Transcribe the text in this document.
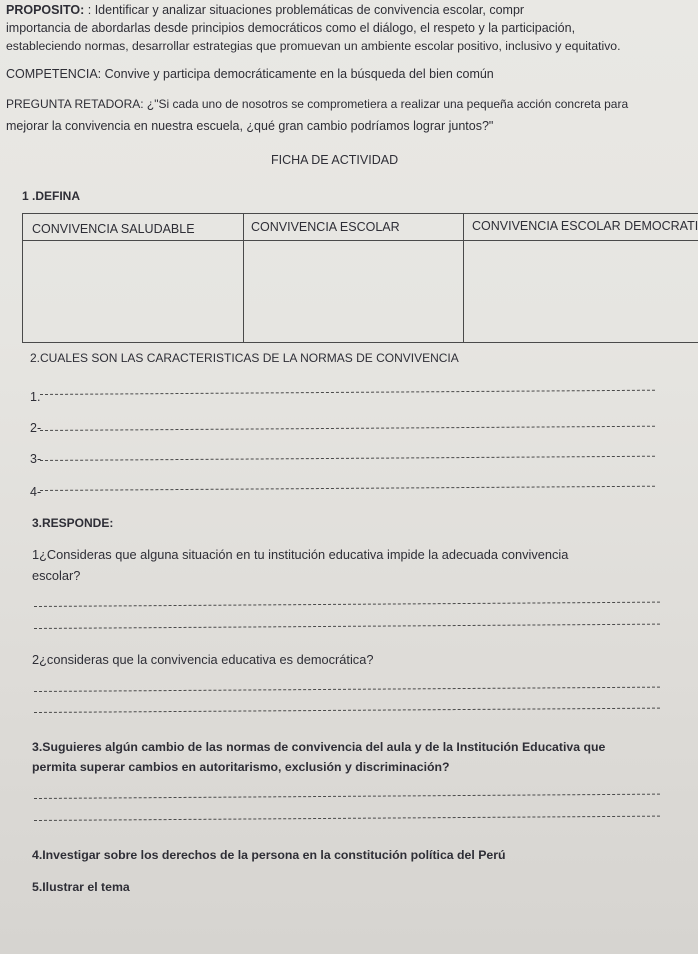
PROPOSITO: : Identificar y analizar situaciones problemáticas de convivencia escolar, compr
importancia de abordarlas desde principios democráticos como el diálogo, el respeto y la participación,
estableciendo normas, desarrollar estrategias que promuevan un ambiente escolar positivo, inclusivo y equitativo.
COMPETENCIA: Convive y participa democráticamente en la búsqueda del bien común
PREGUNTA RETADORA: ¿"Si cada uno de nosotros se comprometiera a realizar una pequeña acción concreta para
mejorar la convivencia en nuestra escuela, ¿qué gran cambio podríamos lograr juntos?"
FICHA DE ACTIVIDAD
1 .DEFINA
CONVIVENCIA SALUDABLE	CONVIVENCIA ESCOLAR	CONVIVENCIA ESCOLAR DEMOCRATI
2.CUALES SON LAS CARACTERISTICAS DE LA NORMAS DE CONVIVENCIA
1.
2-
3-
4-
3.RESPONDE:
1¿Consideras que alguna situación en tu institución educativa impide la adecuada convivencia
escolar?
2¿consideras que la convivencia educativa es democrática?
3.Suguieres algún cambio de las normas de convivencia del aula y de la Institución Educativa que
permita superar cambios en autoritarismo, exclusión y discriminación?
4.Investigar sobre los derechos de la persona en la constitución política del Perú
5.Ilustrar el tema
